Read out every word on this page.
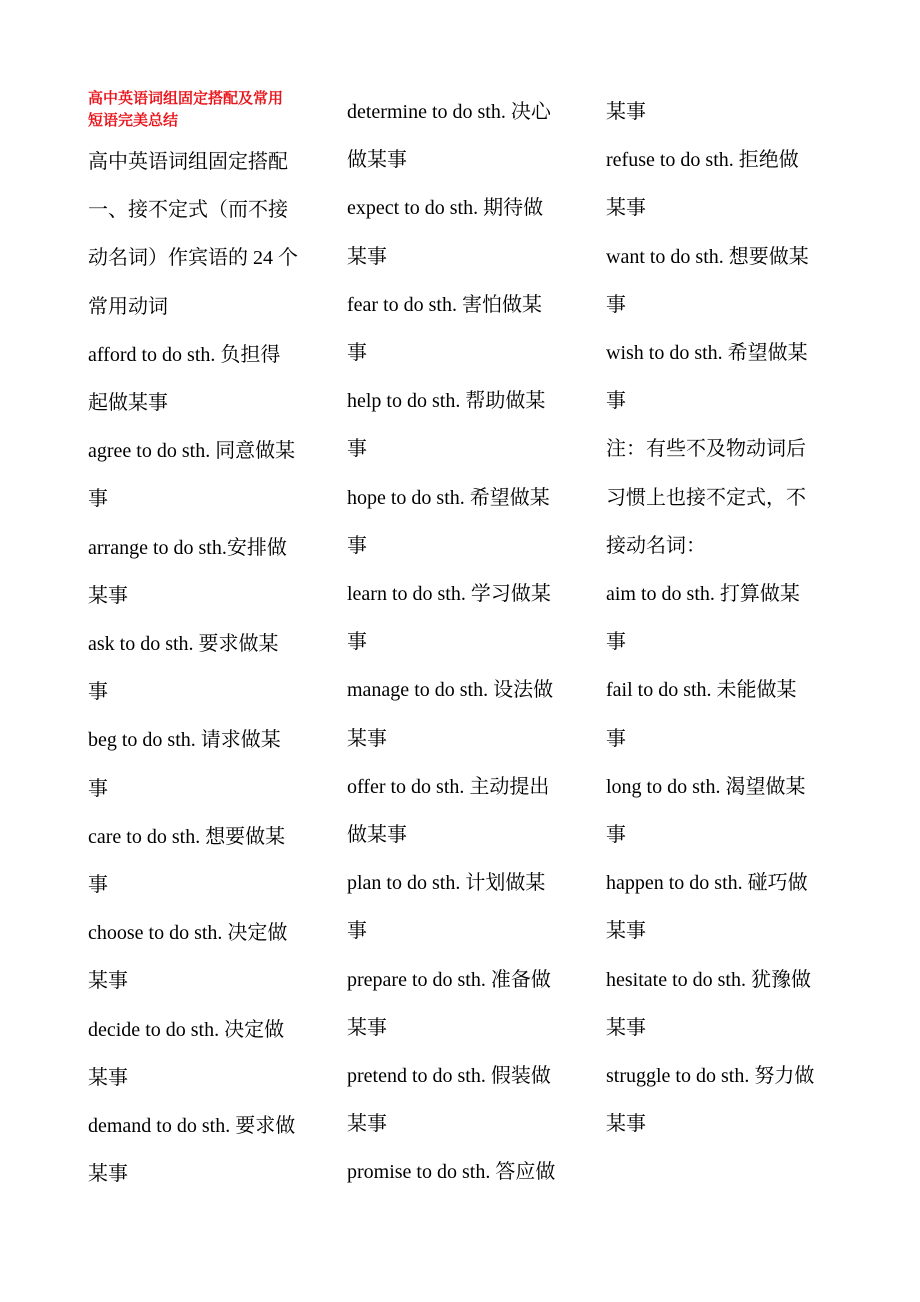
高中英语词组固定搭配及常用
短语完美总结
高中英语词组固定搭配
一、接不定式（而不接
动名词）作宾语的 24 个
常用动词
afford to do sth. 负担得
起做某事
agree to do sth. 同意做某
事
arrange to do sth.安排做
某事
ask to do sth. 要求做某
事
beg to do sth. 请求做某
事
care to do sth. 想要做某
事
choose to do sth. 决定做
某事
decide to do sth. 决定做
某事
demand to do sth. 要求做
某事
determine to do sth. 决心
做某事
expect to do sth. 期待做
某事
fear to do sth. 害怕做某
事
help to do sth. 帮助做某
事
hope to do sth. 希望做某
事
learn to do sth. 学习做某
事
manage to do sth. 设法做
某事
offer to do sth. 主动提出
做某事
plan to do sth. 计划做某
事
prepare to do sth. 准备做
某事
pretend to do sth. 假装做
某事
promise to do sth. 答应做
某事
refuse to do sth. 拒绝做
某事
want to do sth. 想要做某
事
wish to do sth. 希望做某
事
注：有些不及物动词后
习惯上也接不定式，不
接动名词：
aim to do sth. 打算做某
事
fail to do sth. 未能做某
事
long to do sth. 渴望做某
事
happen to do sth. 碰巧做
某事
hesitate to do sth. 犹豫做
某事
struggle to do sth. 努力做
某事
